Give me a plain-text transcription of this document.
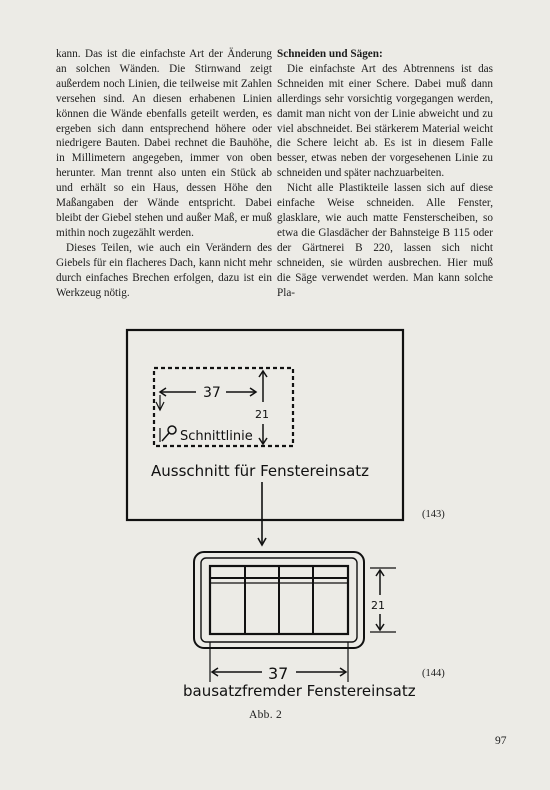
kann. Das ist die einfachste Art der Änderung an solchen Wänden. Die Stirnwand zeigt außerdem noch Linien, die teilweise mit Zahlen versehen sind. An diesen erhabenen Linien können die Wände ebenfalls geteilt werden, es ergeben sich dann entsprechend höhere oder niedrigere Bauten. Dabei rechnet die Bauhöhe, in Millimetern angegeben, immer von oben herunter. Man trennt also unten ein Stück ab und erhält so ein Haus, dessen Höhe den Maßangaben der Wände entspricht. Dabei bleibt der Giebel stehen und außer Maß, er muß mithin noch zugezählt werden.

Dieses Teilen, wie auch ein Verändern des Giebels für ein flacheres Dach, kann nicht mehr durch einfaches Brechen erfolgen, dazu ist ein Werkzeug nötig.

Schneiden und Sägen:

Die einfachste Art des Abtrennens ist das Schneiden mit einer Schere. Dabei muß dann allerdings sehr vorsichtig vorgegangen werden, damit man nicht von der Linie abweicht und zu viel abschneidet. Bei stärkerem Material weicht die Schere leicht ab. Es ist in diesem Falle besser, etwas neben der vorgesehenen Linie zu schneiden und später nachzuarbeiten.

Nicht alle Plastikteile lassen sich auf diese einfache Weise schneiden. Alle Fenster, glasklare, wie auch matte Fensterscheiben, so etwa die Glasdächer der Bahnsteige B 115 oder der Gärtnerei B 220, lassen sich nicht schneiden, sie würden ausbrechen. Hier muß die Säge verwendet werden. Man kann solche Pla-

37
21
Schnittlinie
Ausschnitt für Fenstereinsatz
21
37
bausatzfremder Fenstereinsatz
(143)
(144)
Abb. 2
97
